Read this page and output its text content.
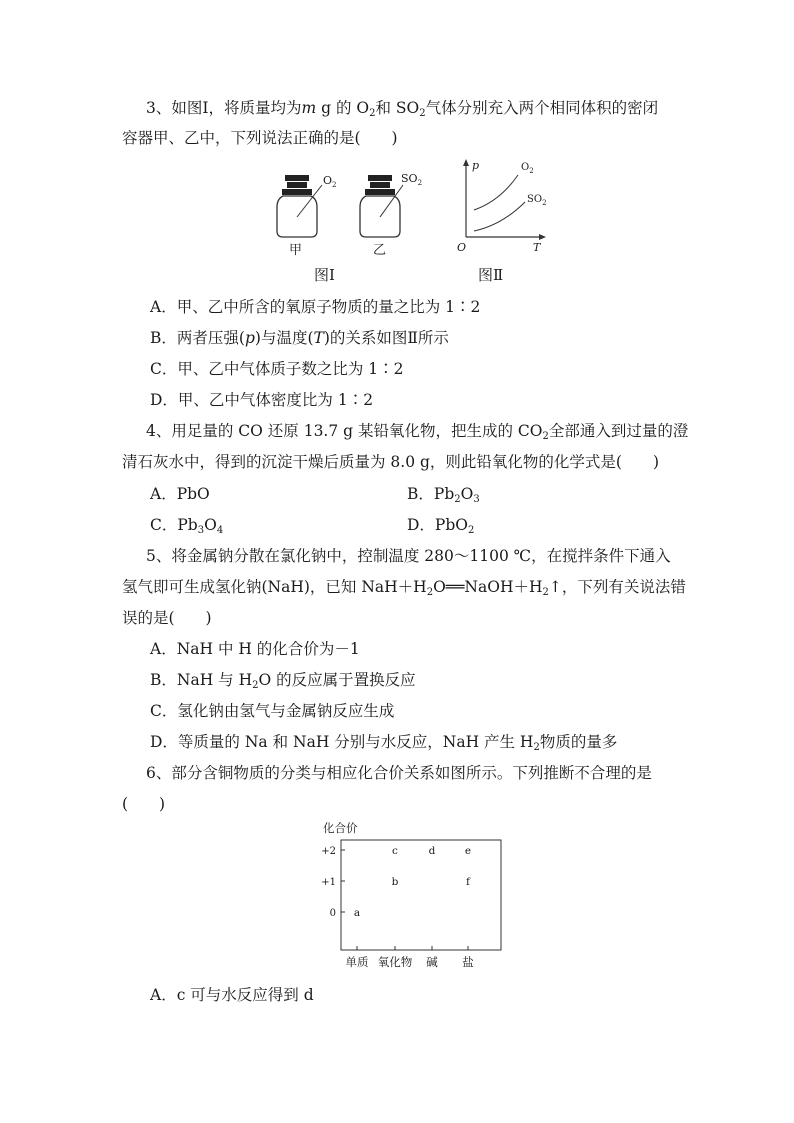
3、如图Ⅰ，将质量均为m g 的 $O_2$和 $SO_2$气体分别充入两个相同体积的密闭
容器甲、乙中，下列说法正确的是(　　)
$O_2$
甲
$SO_2$
乙
p
T
O
$O_2$
$SO_2$
图Ⅰ	图Ⅱ
A．甲、乙中所含的氧原子物质的量之比为 1∶2
B．两者压强(p)与温度(T)的关系如图Ⅱ所示
C．甲、乙中气体质子数之比为 1∶2
D．甲、乙中气体密度比为 1∶2
4、用足量的 CO 还原 13.7 g 某铅氧化物，把生成的 $CO_2$全部通入到过量的澄
清石灰水中，得到的沉淀干燥后质量为 8.0 g，则此铅氧化物的化学式是(　　)
A．PbO	B．$Pb_2O_3$
C．$Pb_3O_4$	D．PbO$_2$
5、将金属钠分散在氯化钠中，控制温度 280～1100 ℃，在搅拌条件下通入
氢气即可生成氢化钠(NaH)，已知 $NaH+H_2O══NaOH+H_2↑$，下列有关说法错
误的是(　　)
A．NaH 中 H 的化合价为－1
B．NaH 与 $H_2O$ 的反应属于置换反应
C．氢化钠由氢气与金属钠反应生成
D．等质量的 Na 和 NaH 分别与水反应，NaH 产生 $H_2$物质的量多
6、部分含铜物质的分类与相应化合价关系如图所示。下列推断不合理的是
(　　)
化合价
+2
+1
0
单质 氧化物 碱 盐
a
b
c	d	e
f
A．c 可与水反应得到 d
